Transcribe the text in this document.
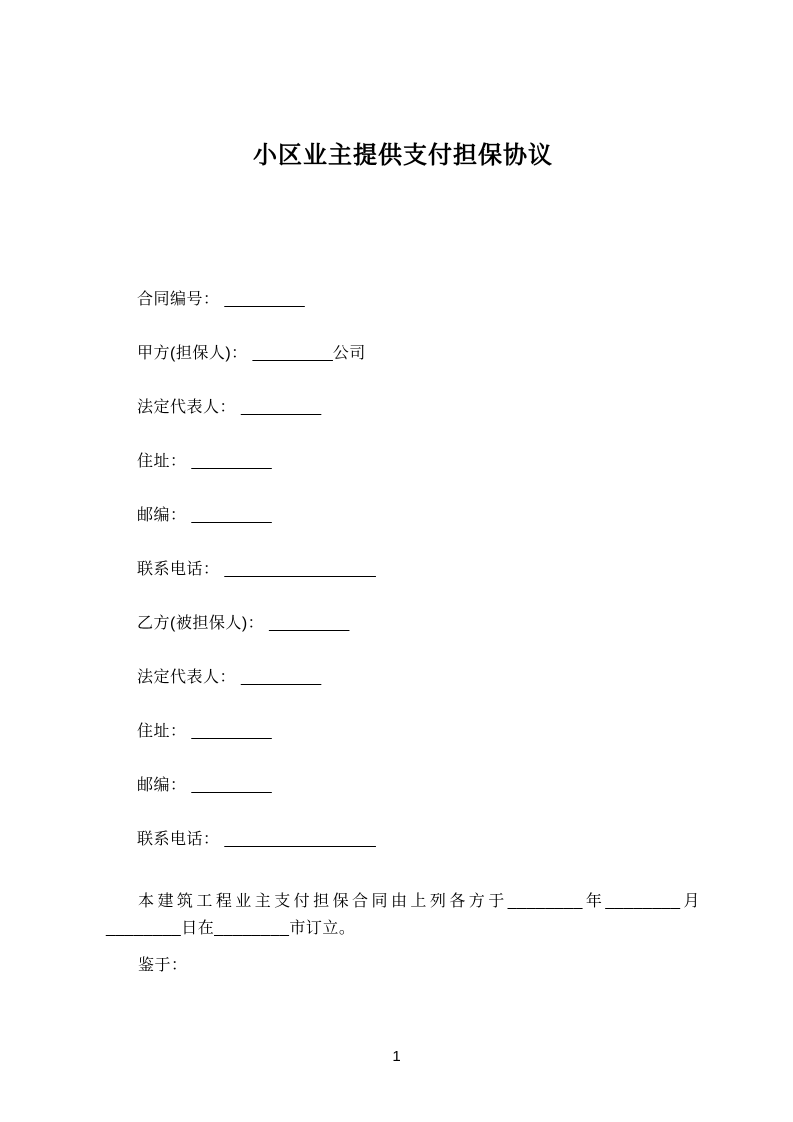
小区业主提供支付担保协议
合同编号： _________
甲方(担保人)： _________公司
法定代表人： _________
住址： _________
邮编： _________
联系电话： _________________
乙方(被担保人)： _________
法定代表人： _________
住址： _________
邮编： _________
联系电话： _________________

本建筑工程业主支付担保合同由上列各方于________年________月________日在________市订立。

鉴于：

1
